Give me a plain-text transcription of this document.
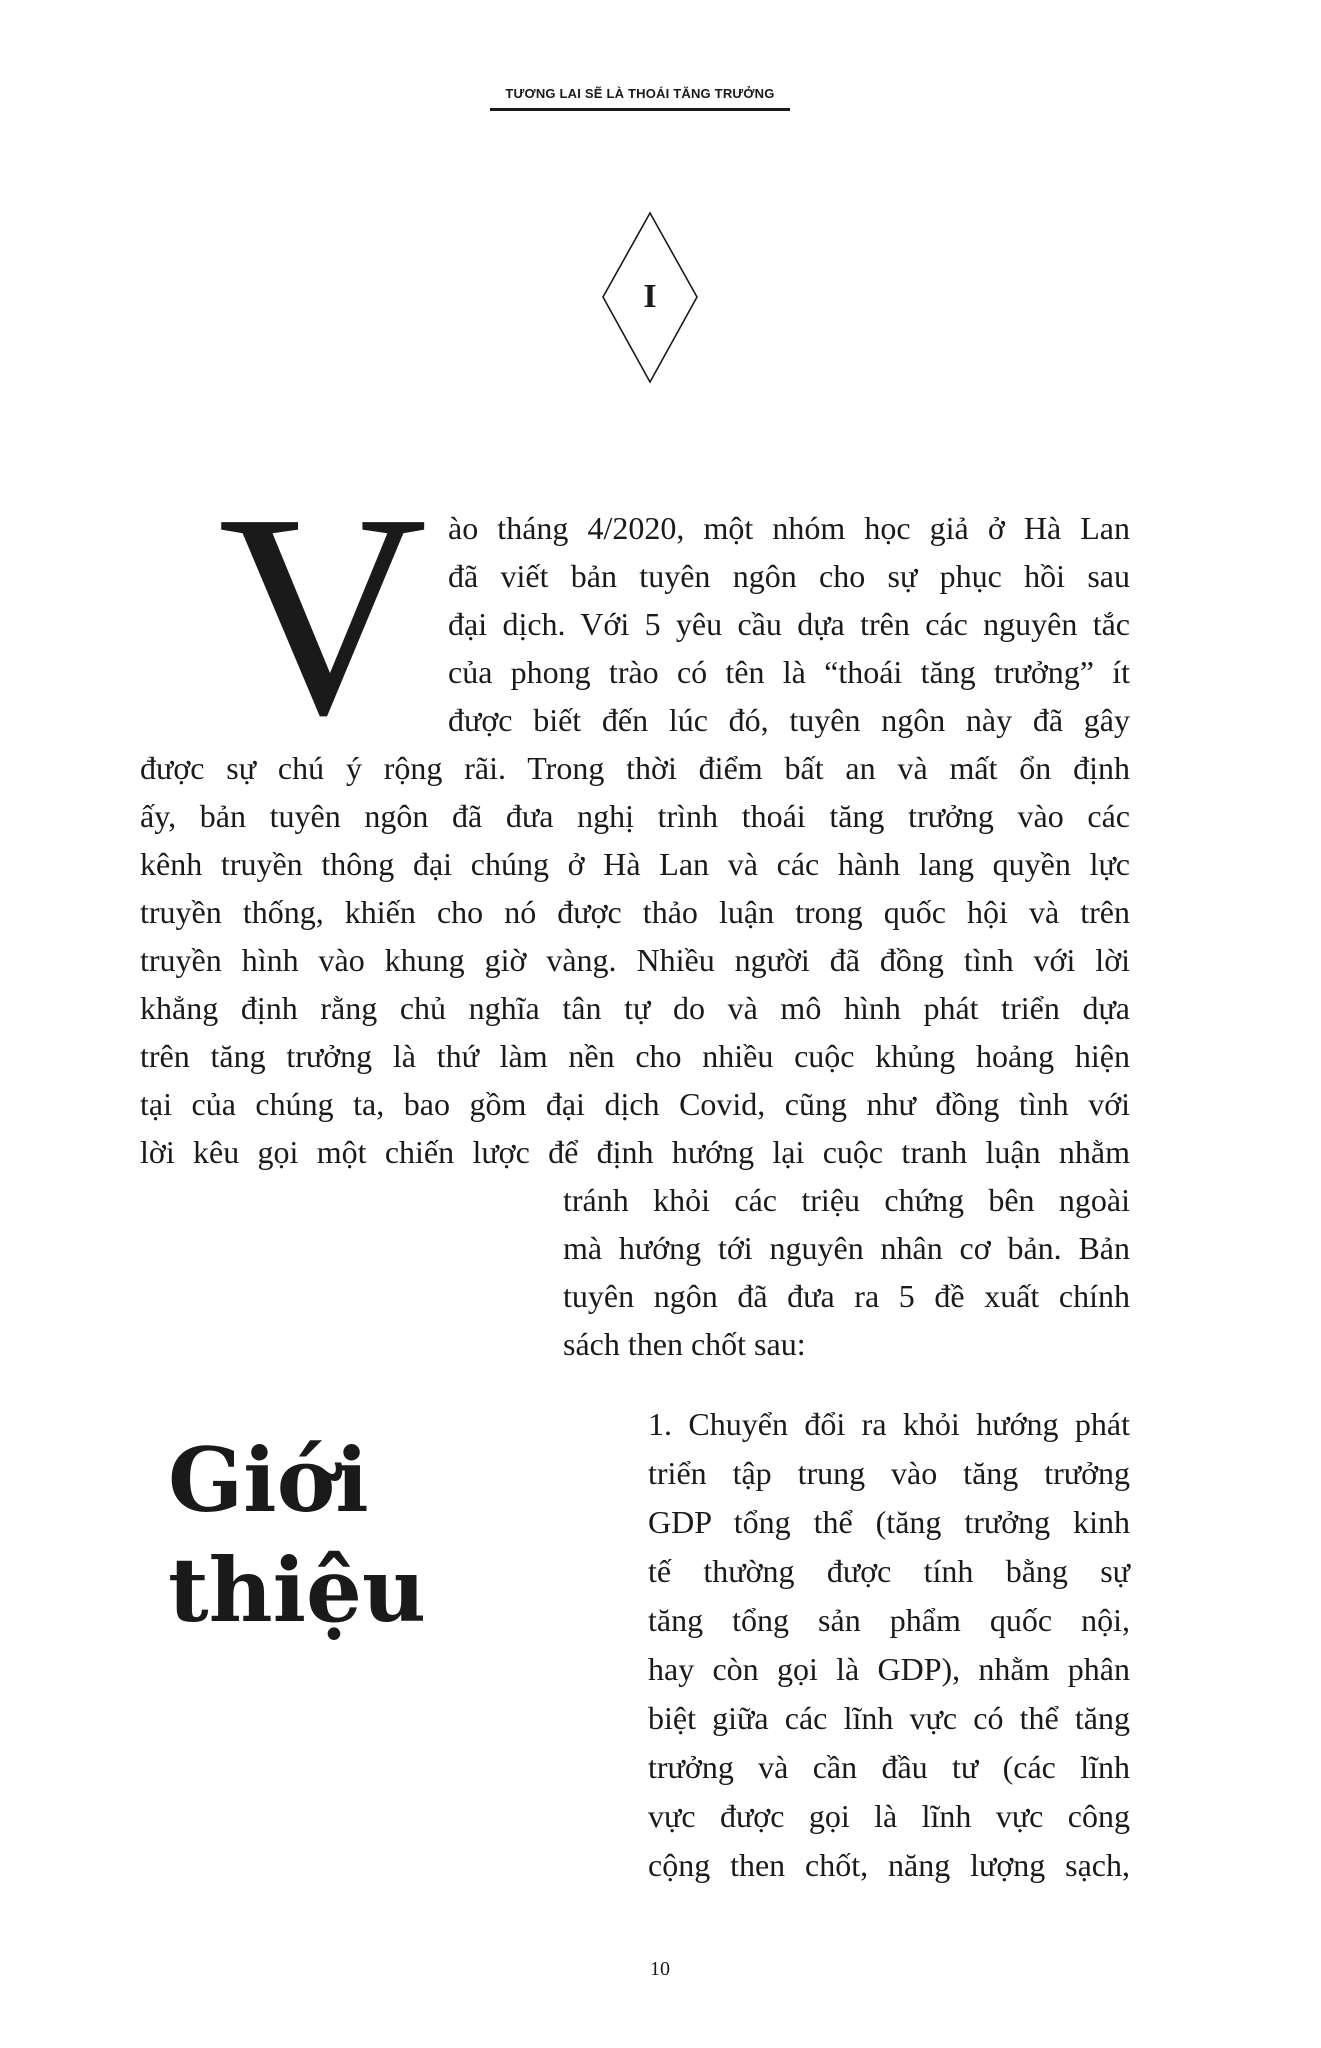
TƯƠNG LAI SẼ LÀ THOÁI TĂNG TRƯỞNG
I
V ào tháng 4/2020, một nhóm học giả ở Hà Lan
đã viết bản tuyên ngôn cho sự phục hồi sau
đại dịch. Với 5 yêu cầu dựa trên các nguyên tắc
của phong trào có tên là “thoái tăng trưởng” ít
được biết đến lúc đó, tuyên ngôn này đã gây
được sự chú ý rộng rãi. Trong thời điểm bất an và mất ổn định
ấy, bản tuyên ngôn đã đưa nghị trình thoái tăng trưởng vào các
kênh truyền thông đại chúng ở Hà Lan và các hành lang quyền lực
truyền thống, khiến cho nó được thảo luận trong quốc hội và trên
truyền hình vào khung giờ vàng. Nhiều người đã đồng tình với lời
khẳng định rằng chủ nghĩa tân tự do và mô hình phát triển dựa
trên tăng trưởng là thứ làm nền cho nhiều cuộc khủng hoảng hiện
tại của chúng ta, bao gồm đại dịch Covid, cũng như đồng tình với
lời kêu gọi một chiến lược để định hướng lại cuộc tranh luận nhằm
tránh khỏi các triệu chứng bên ngoài
mà hướng tới nguyên nhân cơ bản. Bản
tuyên ngôn đã đưa ra 5 đề xuất chính
sách then chốt sau:
Giới
thiệu
1. Chuyển đổi ra khỏi hướng phát
triển tập trung vào tăng trưởng
GDP tổng thể (tăng trưởng kinh
tế thường được tính bằng sự
tăng tổng sản phẩm quốc nội,
hay còn gọi là GDP), nhằm phân
biệt giữa các lĩnh vực có thể tăng
trưởng và cần đầu tư (các lĩnh
vực được gọi là lĩnh vực công
cộng then chốt, năng lượng sạch,
10
